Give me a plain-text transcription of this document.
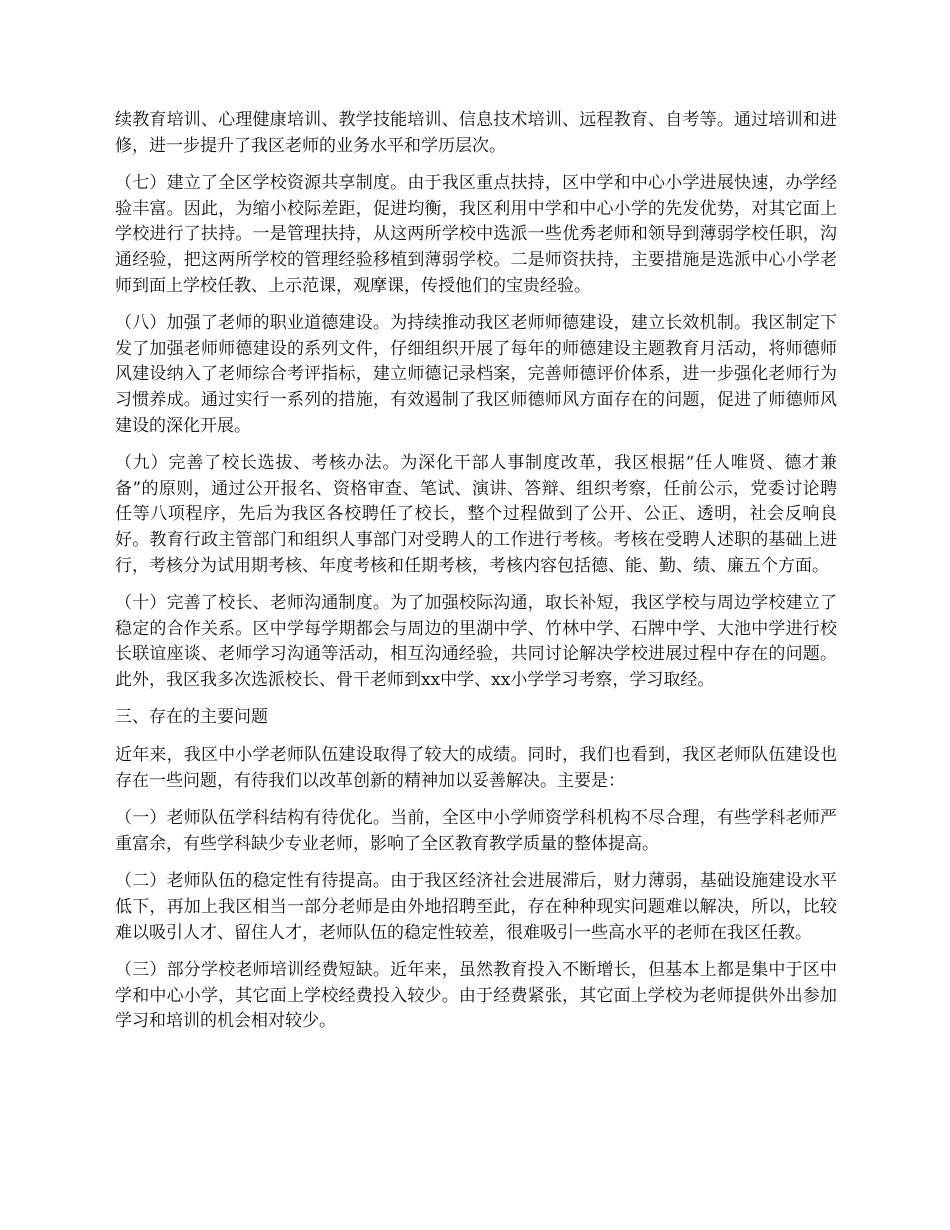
续教育培训、心理健康培训、教学技能培训、信息技术培训、远程教育、自考等。通过培训和进修，进一步提升了我区老师的业务水平和学历层次。

（七）建立了全区学校资源共享制度。由于我区重点扶持，区中学和中心小学进展快速，办学经验丰富。因此，为缩小校际差距，促进均衡，我区利用中学和中心小学的先发优势，对其它面上学校进行了扶持。一是管理扶持，从这两所学校中选派一些优秀老师和领导到薄弱学校任职，沟通经验，把这两所学校的管理经验移植到薄弱学校。二是师资扶持，主要措施是选派中心小学老师到面上学校任教、上示范课，观摩课，传授他们的宝贵经验。

（八）加强了老师的职业道德建设。为持续推动我区老师师德建设，建立长效机制。我区制定下发了加强老师师德建设的系列文件，仔细组织开展了每年的师德建设主题教育月活动，将师德师风建设纳入了老师综合考评指标，建立师德记录档案，完善师德评价体系，进一步强化老师行为习惯养成。通过实行一系列的措施，有效遏制了我区师德师风方面存在的问题，促进了师德师风建设的深化开展。

（九）完善了校长选拔、考核办法。为深化干部人事制度改革，我区根据“任人唯贤、德才兼备”的原则，通过公开报名、资格审查、笔试、演讲、答辩、组织考察，任前公示，党委讨论聘任等八项程序，先后为我区各校聘任了校长，整个过程做到了公开、公正、透明，社会反响良好。教育行政主管部门和组织人事部门对受聘人的工作进行考核。考核在受聘人述职的基础上进行，考核分为试用期考核、年度考核和任期考核，考核内容包括德、能、勤、绩、廉五个方面。

（十）完善了校长、老师沟通制度。为了加强校际沟通，取长补短，我区学校与周边学校建立了稳定的合作关系。区中学每学期都会与周边的里湖中学、竹林中学、石牌中学、大池中学进行校长联谊座谈、老师学习沟通等活动，相互沟通经验，共同讨论解决学校进展过程中存在的问题。此外，我区我多次选派校长、骨干老师到xx中学、xx小学学习考察，学习取经。

三、存在的主要问题

近年来，我区中小学老师队伍建设取得了较大的成绩。同时，我们也看到，我区老师队伍建设也存在一些问题，有待我们以改革创新的精神加以妥善解决。主要是：

（一）老师队伍学科结构有待优化。当前，全区中小学师资学科机构不尽合理，有些学科老师严重富余，有些学科缺少专业老师，影响了全区教育教学质量的整体提高。

（二）老师队伍的稳定性有待提高。由于我区经济社会进展滞后，财力薄弱，基础设施建设水平低下，再加上我区相当一部分老师是由外地招聘至此，存在种种现实问题难以解决，所以，比较难以吸引人才、留住人才，老师队伍的稳定性较差，很难吸引一些高水平的老师在我区任教。

（三）部分学校老师培训经费短缺。近年来，虽然教育投入不断增长，但基本上都是集中于区中学和中心小学，其它面上学校经费投入较少。由于经费紧张，其它面上学校为老师提供外出参加学习和培训的机会相对较少。
